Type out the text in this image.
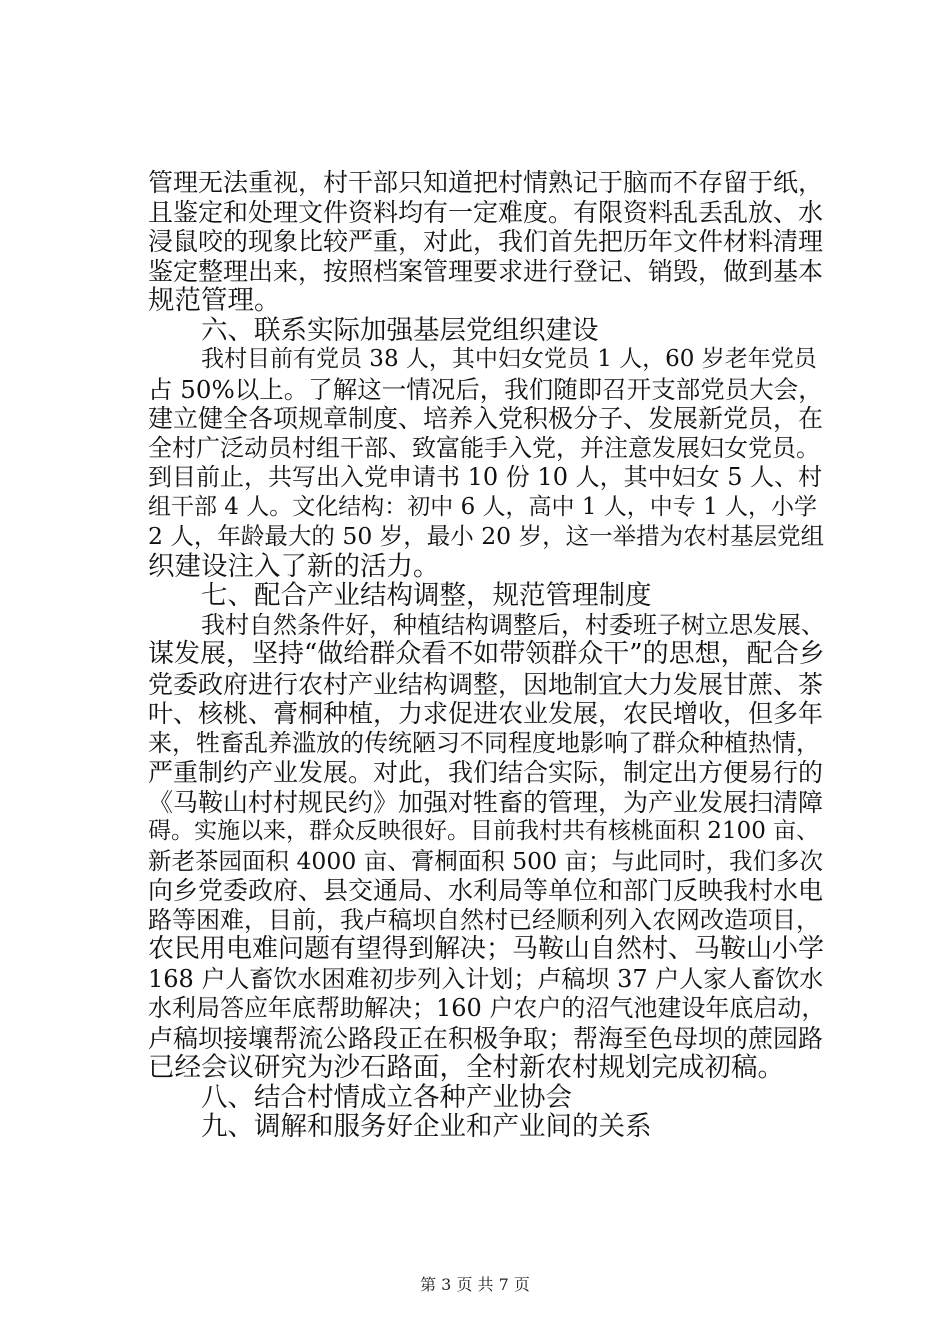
管理无法重视，村干部只知道把村情熟记于脑而不存留于纸，
且鉴定和处理文件资料均有一定难度。有限资料乱丢乱放、水
浸鼠咬的现象比较严重，对此，我们首先把历年文件材料清理
鉴定整理出来，按照档案管理要求进行登记、销毁，做到基本
规范管理。
六、联系实际加强基层党组织建设
我村目前有党员 38 人，其中妇女党员 1 人，60 岁老年党员
占 50%以上。了解这一情况后，我们随即召开支部党员大会，
建立健全各项规章制度、培养入党积极分子、发展新党员，在
全村广泛动员村组干部、致富能手入党，并注意发展妇女党员。
到目前止，共写出入党申请书 10 份 10 人，其中妇女 5 人、村
组干部 4 人。文化结构：初中 6 人，高中 1 人，中专 1 人，小学
2 人，年龄最大的 50 岁，最小 20 岁，这一举措为农村基层党组
织建设注入了新的活力。
七、配合产业结构调整，规范管理制度
我村自然条件好，种植结构调整后，村委班子树立思发展、
谋发展，坚持“做给群众看不如带领群众干”的思想，配合乡
党委政府进行农村产业结构调整，因地制宜大力发展甘蔗、茶
叶、核桃、膏桐种植，力求促进农业发展，农民增收，但多年
来，牲畜乱养滥放的传统陋习不同程度地影响了群众种植热情，
严重制约产业发展。对此，我们结合实际，制定出方便易行的
《马鞍山村村规民约》加强对牲畜的管理，为产业发展扫清障
碍。实施以来，群众反映很好。目前我村共有核桃面积 2100 亩、
新老茶园面积 4000 亩、膏桐面积 500 亩；与此同时，我们多次
向乡党委政府、县交通局、水利局等单位和部门反映我村水电
路等困难，目前，我卢稿坝自然村已经顺利列入农网改造项目，
农民用电难问题有望得到解决；马鞍山自然村、马鞍山小学
168 户人畜饮水困难初步列入计划；卢稿坝 37 户人家人畜饮水
水利局答应年底帮助解决；160 户农户的沼气池建设年底启动，
卢稿坝接壤帮流公路段正在积极争取；帮海至色母坝的蔗园路
已经会议研究为沙石路面，全村新农村规划完成初稿。
八、结合村情成立各种产业协会
九、调解和服务好企业和产业间的关系
第 3 页 共 7 页
